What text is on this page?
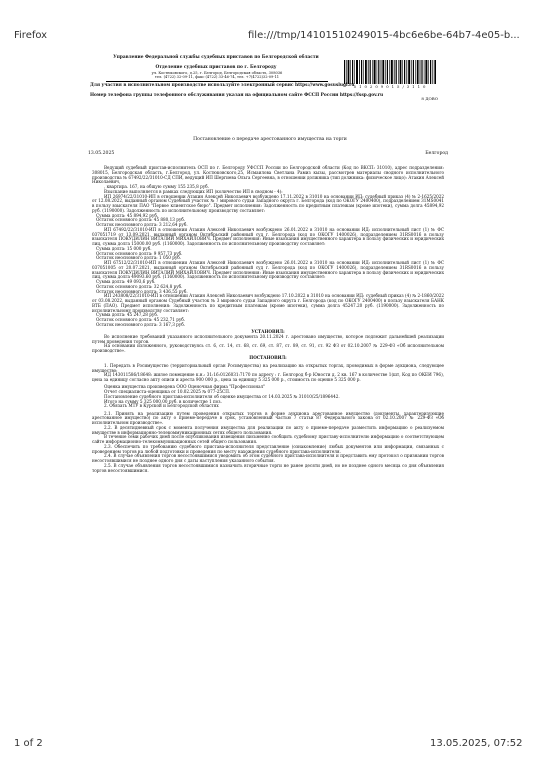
Firefox	file:///tmp/14101510249015-4bc6e6be-64b7-4e05-b...
Управление Федеральной службы судебных приставов по Белгородской области
Отделение судебных приставов по г. Белгороду
ул. Костюковского, д.25, г. Белгород, Белгородская область, 308036
тел. (4722) 32-09-11, факс (4722) 33-46-74, тел. +7(4722)32-09-11
5 1 0 2 0 9 0 1 5 / 3 1 1 0
Для участия в исполнительном производстве используйте электронный сервис https://www.gosuslugi.ru
Номер телефона группы телефонного обслуживания указан на официальном сайте ФССП России https://fssp.gov.ru
8 ДОВО
Постановление о передаче арестованного имущества на торги
13.05.2025	Белгород

Ведущий судебный пристав-исполнитель ОСП по г. Белгороду УФССП России по Белгородской области (Код по ВКСП: 31010), адрес подразделения: 308015, Белгородская область, г.Белгород, ул. Костюковского,25, Исмаилова Светлана Рамиз кызы, рассмотрев материалы сводного исполнительного производства № 67492/22/31010-СД СПИ, ведущий ИП Шергиева Ольга Сергеевна, в отношении должника (тип должника: физическое лицо): Атакин Алексей Николаевич,

, квартира. 167, на общую сумму 155 235,8 руб.

Взыскание выполняется в рамках следующих ИП (количество ИП в сводном - 4):

ИП 26974/22/31010-ИП в отношении Атакин Алексей Николаевич возбуждено 17.11.2022 в 31010 на основании ИД: судебный приказ (4) № 2-1625/2022 от 12.08.2022, выданный органом Судебный участок № 7 мирового судьи Западного округа г. Белгорода (код по ОКОГУ 2400400), подразделением 31MS0041 в пользу взыскателя ПАО "Первое клиентское бюро". Предмет исполнения: Задолженность по кредитным платежам (кроме ипотеки), сумма долга 45894,92 руб. (1190000). Задолженность по исполнительному производству составляет:

Сумма долга: 45 894,92 руб.

Остаток основного долга: 45 880,13 руб.

Остаток неосновного долга: 3 212,64 руб.

ИП 67492/22/31010-ИП в отношении Атакин Алексей Николаевич возбуждено 26.01.2022 в 31010 на основании ИД: исполнительный лист (1) № ФС 037051719 от 13.09.2021, выданный органом Октябрьский районный суд г. Белгорода (код по ОКОГУ 1400026), подразделением 31RS0016 в пользу взыскателя ПОКУДИЛИН ВИТАЛИЙ МИХАЙЛОВИЧ. Предмет исполнения: Иные взыскания имущественного характера в пользу физических и юридических лиц, сумма долга 15000.00 руб. (1160000). Задолженность по исполнительному производству составляет:

Сумма долга: 15 000 руб.

Остаток основного долга: 9 957,73 руб.

Остаток неосновного долга: 1 050 руб.

ИП 67512/22/31010-ИП в отношении Атакин Алексей Николаевич возбуждено 26.01.2022 в 31010 на основании ИД: исполнительный лист (1) № ФС 037051005 от 20.07.2021, выданный органом Октябрьский районный суд г. Белгорода (код по ОКОГУ 1400026), подразделением 31RS0016 в пользу взыскателя ПОКУДИЛИН ВИТАЛИЙ МИХАЙЛОВИЧ. Предмет исполнения: Иные взыскания имущественного характера в пользу физических и юридических лиц, сумма долга 49093.60 руб. (1160000). Задолженность по исполнительному производству составляет:

Сумма долга: 49 093,6 руб.

Остаток основного долга: 32 624,8 руб.

Остаток неосновного долга: 3 436,55 руб.

ИП 243808/22/31010-ИП в отношении Атакин Алексей Николаевич возбуждено 17.10.2022 в 31010 на основании ИД: судебный приказ (4) № 2-1860/2022 от 03.08.2022, выданный органом Судебный участок № 3 мирового судьи Западного округа г. Белгорода (код по ОКОГУ 2400400) в пользу взыскателя БАНК ВТБ (ПАО). Предмет исполнения: Задолженность по кредитным платежам (кроме ипотеки), сумма долга 45247.20 руб. (1190000). Задолженность по исполнительному производству составляет:

Сумма долга: 45 247,28 руб.

Остаток основного долга: 45 232,71 руб.

Остаток неосновного долга: 3 167,3 руб.

УСТАНОВИЛ:

Во исполнение требований указанного исполнительного документа 20.11.2024 г. арестовано имущество, которое подлежит дальнейшей реализации путем проведения торгов.

На основании изложенного, руководствуясь ст. 6, ст. 14, ст. 68, ст. 69, ст. 87, ст. 89, ст. 91, ст. 92 ФЗ от 02.10.2007 № 229-ФЗ «Об исполнительном производстве».

ПОСТАНОВИЛ:

1. Передать в Росимущество (территориальный орган Росимущества) на реализацию на открытых торгах, проводимых в форме аукциона, следующее имущество:

ИД 143011586/18648: жилое помещение к.н.: 31:16:0126031:7170 по адресу : г. Белгород б-р Юности д. 2 кв. 167 в количестве 1(шт, Код по ОКЕИ 796), цена за единицу согласно акту описи и ареста 900 000 р., цена за единицу 5 325 000 р., стоимость по оценке 5 325 000 р.

Оценка имущества произведена ООО Оценочная фирма "Профессионал"

Отчет специалиста-оценщика от 10.02.2025 № 077-25СП.

Постановление судебного пристава-исполнителя об оценке имущества от 14.03.2025 № 31010/25/1896442.

Итого на сумму 5 325 000,00 руб. в количестве 1 поз.

2. Обязать МТУ в Курской и Белгородской областях

2.1. Принять на реализацию путем проведения открытых торгов в форме аукциона арестованное имущество (документы, характеризующие арестованное имущество) по акту о приеме-передаче в срок, установленный частью 7 статьи 87 Федерального закона от 02.10.2007 № 229-ФЗ «Об исполнительном производстве».

2.2. В десятидневный срок с момента получения имущества для реализации по акту о приеме-передаче разместить информацию о реализуемом имуществе в информационно-телекоммуникационных сетях общего пользования.

В течение семи рабочих дней после опубликования извещения письменно сообщить судебному приставу-исполнителю информацию о соответствующем сайте информационно-телекоммуникационных сетей общего пользования.

2.3. Обеспечить по требованию судебного пристава-исполнителя представление (ознакомление) любых документов или информации, связанных с проведением торгов на любой подготовки и проведения по месту нахождения судебного пристава-исполнителя.

2.4. В случае объявления торгов несостоявшимися уведомить об этом судебного пристава-исполнителя и представить ему протокол о признании торгов несостоявшимися не позднее одного дня с даты наступления указанного события.

2.5. В случае объявления торгов несостоявшимися назначить вторичные торги не ранее десяти дней, но не позднее одного месяца со дня объявления торгов несостоявшимися.

1 of 2	13.05.2025, 07:52
